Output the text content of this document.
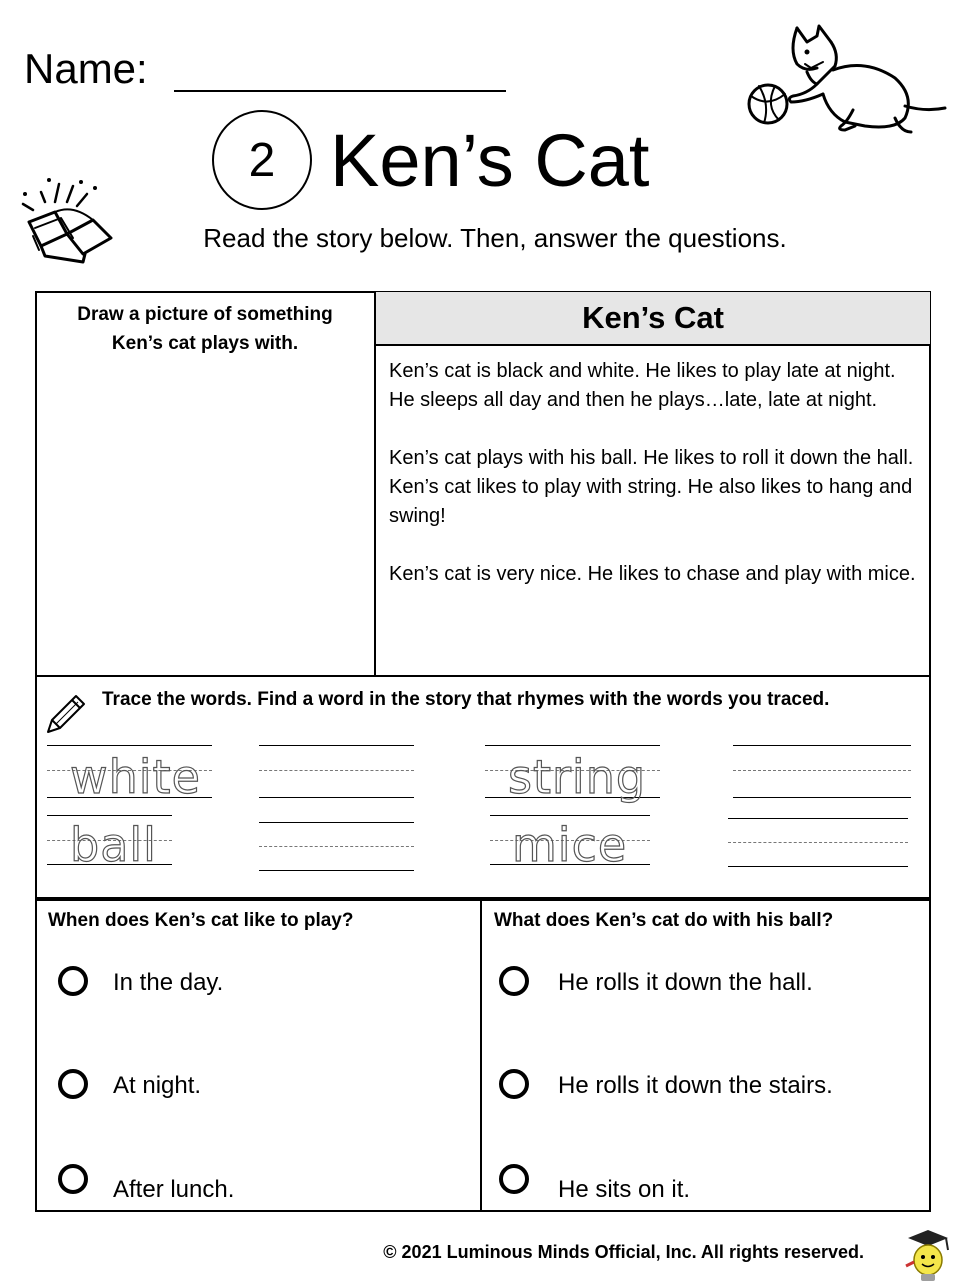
Name:
2 Ken’s Cat
Read the story below. Then, answer the questions.
Draw a picture of something
Ken’s cat plays with.
Ken’s Cat

Ken’s cat is black and white. He likes to play late at night. He sleeps all day and then he plays…late, late at night.

Ken’s cat plays with his ball. He likes to roll it down the hall. Ken’s cat likes to play with string. He also likes to hang and swing!

Ken’s cat is very nice. He likes to chase and play with mice.

Trace the words. Find a word in the story that rhymes with the words you traced.
white	string
ball	mice
When does Ken’s cat like to play?
In the day.
At night.
After lunch.
What does Ken’s cat do with his ball?
He rolls it down the hall.
He rolls it down the stairs.
He sits on it.
© 2021 Luminous Minds Official, Inc. All rights reserved.
